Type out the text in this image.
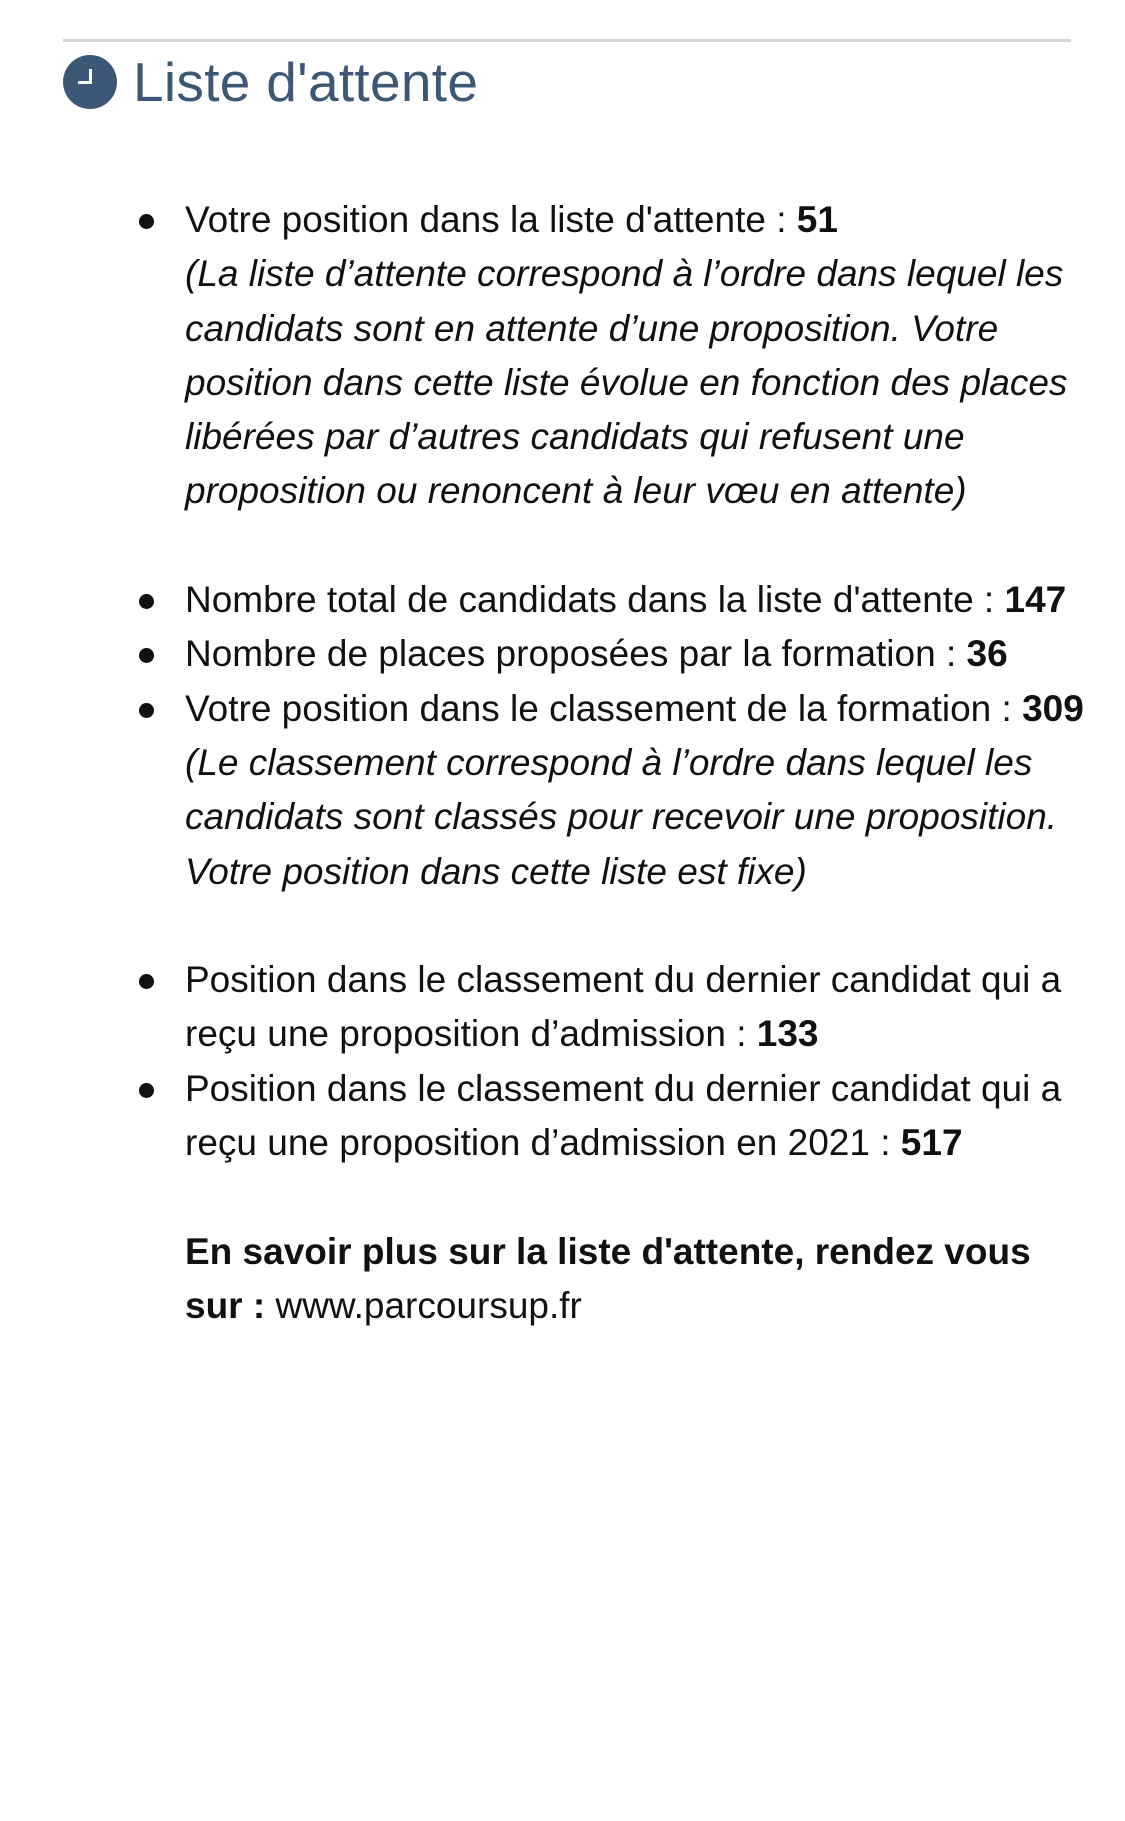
Liste d'attente
Votre position dans la liste d'attente : 51
(La liste d’attente correspond à l’ordre dans lequel les candidats sont en attente d’une proposition. Votre position dans cette liste évolue en fonction des places libérées par d’autres candidats qui refusent une proposition ou renoncent à leur vœu en attente)
Nombre total de candidats dans la liste d'attente : 147
Nombre de places proposées par la formation : 36
Votre position dans le classement de la formation : 309
(Le classement correspond à l’ordre dans lequel les candidats sont classés pour recevoir une proposition. Votre position dans cette liste est fixe)
Position dans le classement du dernier candidat qui a reçu une proposition d’admission : 133
Position dans le classement du dernier candidat qui a reçu une proposition d’admission en 2021 : 517
En savoir plus sur la liste d'attente, rendez vous sur : www.parcoursup.fr
